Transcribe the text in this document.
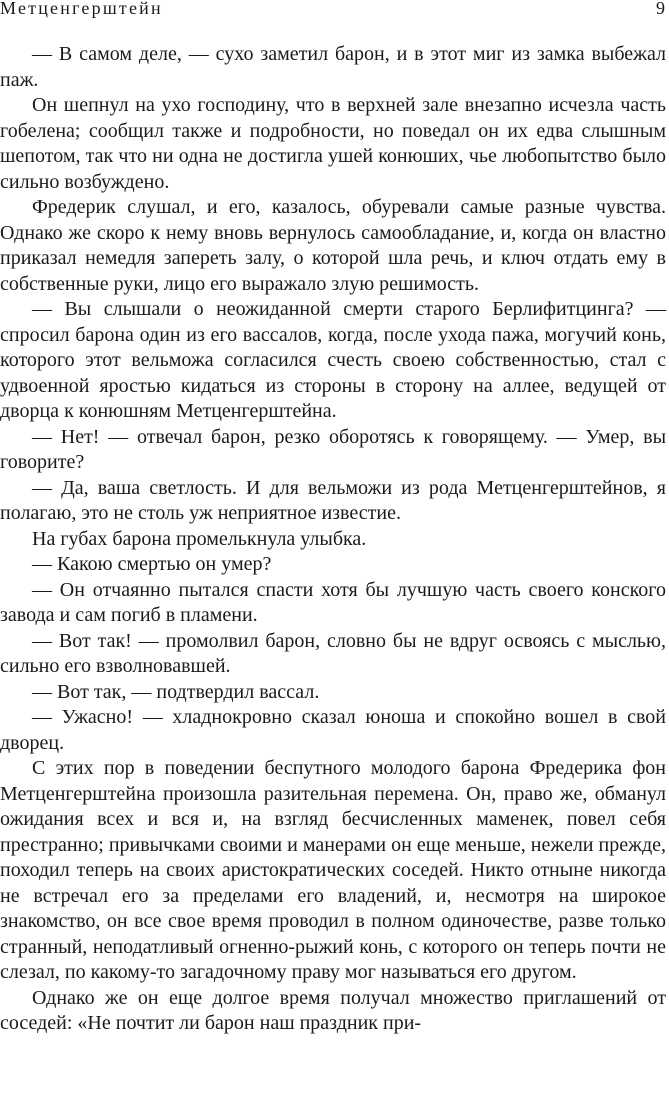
Метценгерштейн	9

— В самом деле, — сухо заметил барон, и в этот миг из замка выбежал паж.

Он шепнул на ухо господину, что в верхней зале внезапно исчезла часть гобелена; сообщил также и подробности, но поведал он их едва слышным шепотом, так что ни одна не достигла ушей конюших, чье любопытство было сильно возбуждено.

Фредерик слушал, и его, казалось, обуревали самые разные чувства. Однако же скоро к нему вновь вернулось самообладание, и, когда он властно приказал немедля запереть залу, о которой шла речь, и ключ отдать ему в собственные руки, лицо его выражало злую решимость.

— Вы слышали о неожиданной смерти старого Берлифитцинга? — спросил барона один из его вассалов, когда, после ухода пажа, могучий конь, которого этот вельможа согласился счесть своею собственностью, стал с удвоенной яростью кидаться из стороны в сторону на аллее, ведущей от дворца к конюшням Метценгерштейна.

— Нет! — отвечал барон, резко оборотясь к говорящему. — Умер, вы говорите?

— Да, ваша светлость. И для вельможи из рода Метценгерштейнов, я полагаю, это не столь уж неприятное известие.

На губах барона промелькнула улыбка.

— Какою смертью он умер?

— Он отчаянно пытался спасти хотя бы лучшую часть своего конского завода и сам погиб в пламени.

— Вот так! — промолвил барон, словно бы не вдруг освоясь с мыслью, сильно его взволновавшей.

— Вот так, — подтвердил вассал.

— Ужасно! — хладнокровно сказал юноша и спокойно вошел в свой дворец.

С этих пор в поведении беспутного молодого барона Фредерика фон Метценгерштейна произошла разительная перемена. Он, право же, обманул ожидания всех и вся и, на взгляд бесчисленных маменек, повел себя престранно; привычками своими и манерами он еще меньше, нежели прежде, походил теперь на своих аристократических соседей. Никто отныне никогда не встречал его за пределами его владений, и, несмотря на широкое знакомство, он все свое время проводил в полном одиночестве, разве только странный, неподатливый огненно-рыжий конь, с которого он теперь почти не слезал, по какому-то загадочному праву мог называться его другом.

Однако же он еще долгое время получал множество приглашений от соседей: «Не почтит ли барон наш праздник при-
